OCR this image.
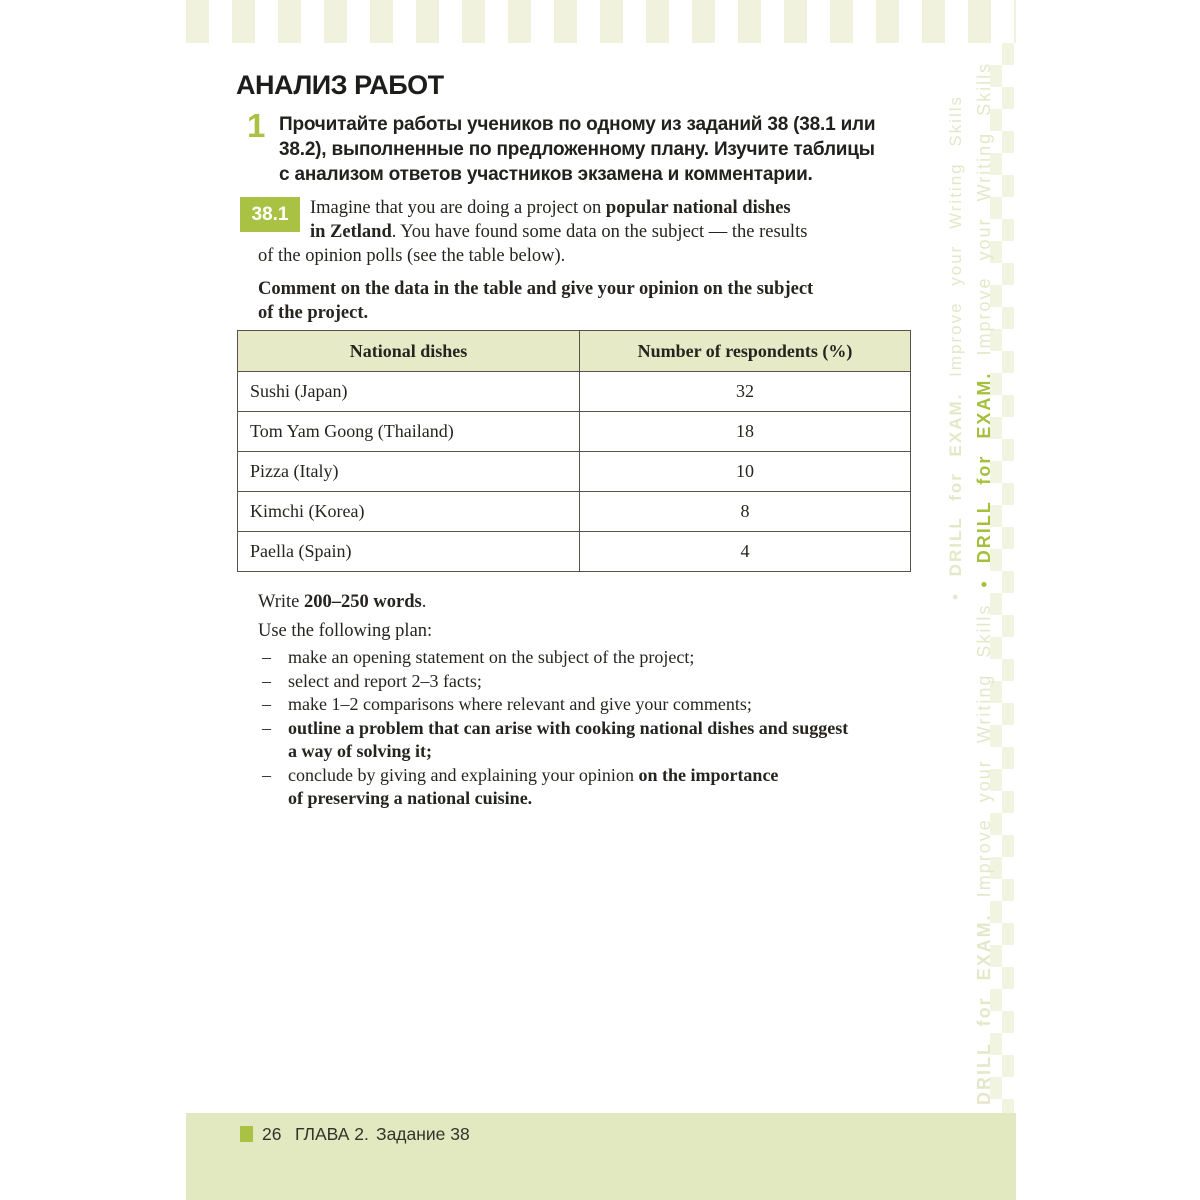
• DRILL for EXAM. Improve your Writing Skills
DRILL for EXAM. Improve your Writing Skills • DRILL for EXAM. Improve your Writing Skills
АНАЛИЗ РАБОТ
1 Прочитайте работы учеников по одному из заданий 38 (38.1 или
38.2), выполненные по предложенному плану. Изучите таблицы
с анализом ответов участников экзамена и комментарии.
38.1	Imagine that you are doing a project on popular national dishes
in Zetland. You have found some data on the subject — the results
of the opinion polls (see the table below).
Comment on the data in the table and give your opinion on the subject
of the project.
National dishes	Number of respondents (%)
Sushi (Japan)	32
Tom Yam Goong (Thailand)	18
Pizza (Italy)	10
Kimchi (Korea)	8
Paella (Spain)	4
Write 200–250 words.
Use the following plan:
– make an opening statement on the subject of the project;
– select and report 2–3 facts;
– make 1–2 comparisons where relevant and give your comments;
– outline a problem that can arise with cooking national dishes and suggest
a way of solving it;
– conclude by giving and explaining your opinion on the importance
of preserving a national cuisine.
26 ГЛАВА 2. Задание 38
